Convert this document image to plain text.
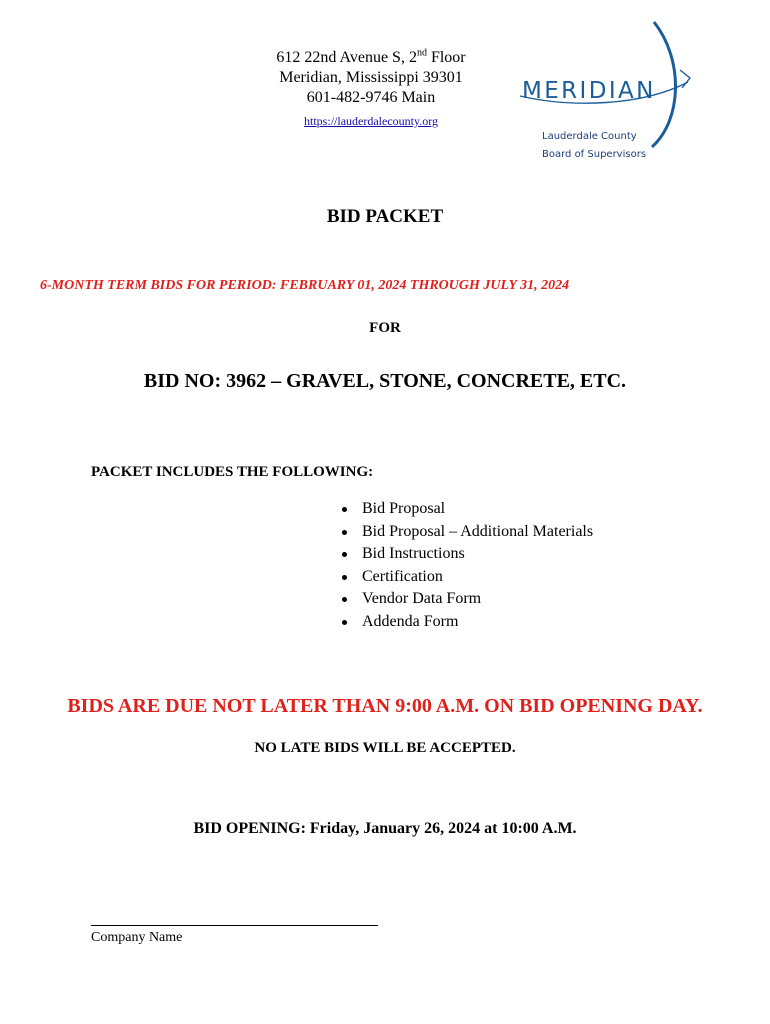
612 22nd Avenue S, 2nd Floor
Meridian, Mississippi 39301
601-482-9746 Main
https://lauderdalecounty.org
MERIDIAN
Lauderdale County
Board of Supervisors
BID PACKET
6-MONTH TERM BIDS FOR PERIOD: FEBRUARY 01, 2024 THROUGH JULY 31, 2024
FOR
BID NO: 3962 – GRAVEL, STONE, CONCRETE, ETC.
PACKET INCLUDES THE FOLLOWING:
Bid Proposal
Bid Proposal – Additional Materials
Bid Instructions
Certification
Vendor Data Form
Addenda Form
BIDS ARE DUE NOT LATER THAN 9:00 A.M. ON BID OPENING DAY.
NO LATE BIDS WILL BE ACCEPTED.
BID OPENING: Friday, January 26, 2024 at 10:00 A.M.
Company Name
